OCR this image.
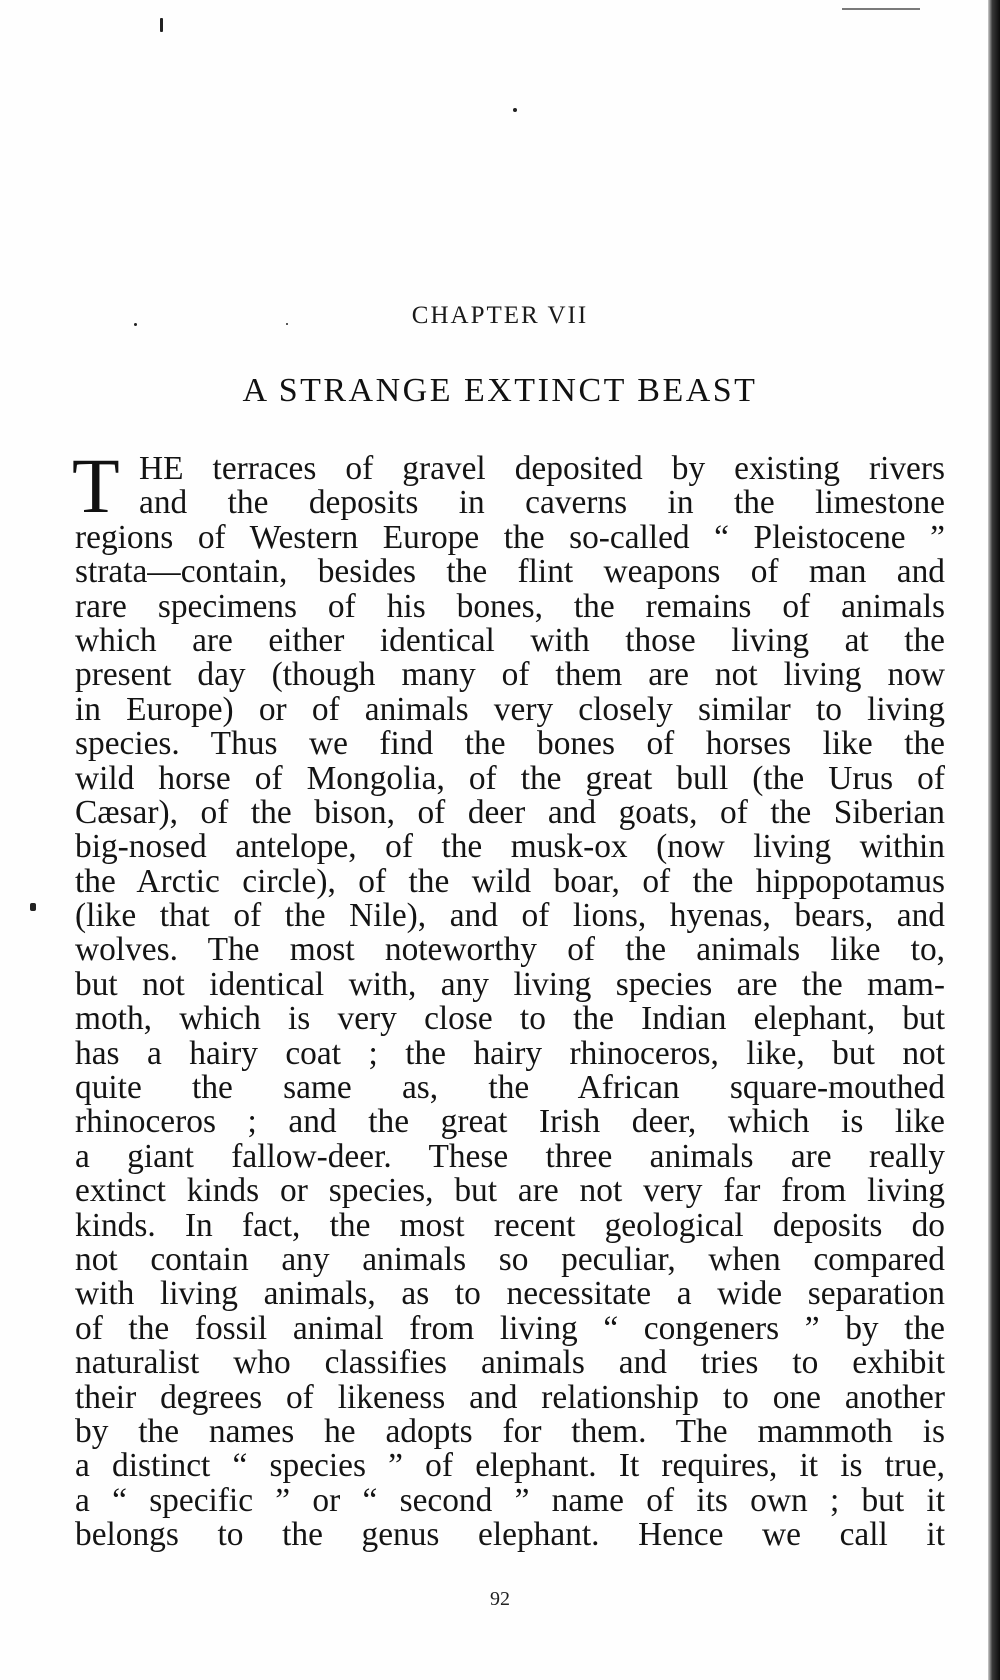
CHAPTER VII
A STRANGE EXTINCT BEAST
T HE terraces of gravel deposited by existing rivers
and the deposits in caverns in the limestone
regions of Western Europe the so-called “ Pleistocene ”
strata—contain, besides the flint weapons of man and
rare specimens of his bones, the remains of animals
which are either identical with those living at the
present day (though many of them are not living now
in Europe) or of animals very closely similar to living
species. Thus we find the bones of horses like the
wild horse of Mongolia, of the great bull (the Urus of
Cæsar), of the bison, of deer and goats, of the Siberian
big-nosed antelope, of the musk-ox (now living within
the Arctic circle), of the wild boar, of the hippopotamus
(like that of the Nile), and of lions, hyenas, bears, and
wolves. The most noteworthy of the animals like to,
but not identical with, any living species are the mam-
moth, which is very close to the Indian elephant, but
has a hairy coat ; the hairy rhinoceros, like, but not
quite the same as, the African square-mouthed
rhinoceros ; and the great Irish deer, which is like
a giant fallow-deer. These three animals are really
extinct kinds or species, but are not very far from living
kinds. In fact, the most recent geological deposits do
not contain any animals so peculiar, when compared
with living animals, as to necessitate a wide separation
of the fossil animal from living “ congeners ” by the
naturalist who classifies animals and tries to exhibit
their degrees of likeness and relationship to one another
by the names he adopts for them. The mammoth is
a distinct “ species ” of elephant. It requires, it is true,
a “ specific ” or “ second ” name of its own ; but it
belongs to the genus elephant. Hence we call it
92
